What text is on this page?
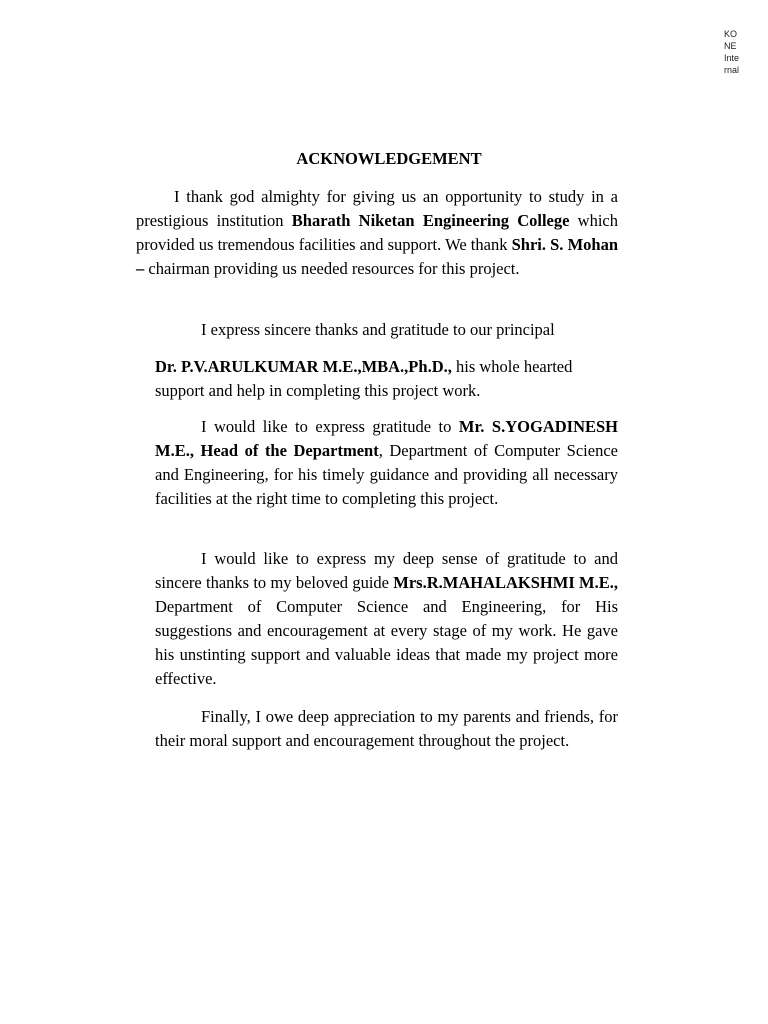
KO
NE
Inte
rnal
ACKNOWLEDGEMENT

I thank god almighty for giving us an opportunity to study in a prestigious institution Bharath Niketan Engineering College which provided us tremendous facilities and support. We thank Shri. S. Mohan – chairman providing us needed resources for this project.

I express sincere thanks and gratitude to our principal

Dr. P.V.ARULKUMAR M.E.,MBA.,Ph.D., his whole hearted support and help in completing this project work.

I would like to express gratitude to Mr. S.YOGADINESH M.E., Head of the Department, Department of Computer Science and Engineering, for his timely guidance and providing all necessary facilities at the right time to completing this project.

I would like to express my deep sense of gratitude to and sincere thanks to my beloved guide Mrs.R.MAHALAKSHMI M.E., Department of Computer Science and Engineering, for His suggestions and encouragement at every stage of my work. He gave his unstinting support and valuable ideas that made my project more effective.

Finally, I owe deep appreciation to my parents and friends, for their moral support and encouragement throughout the project.
